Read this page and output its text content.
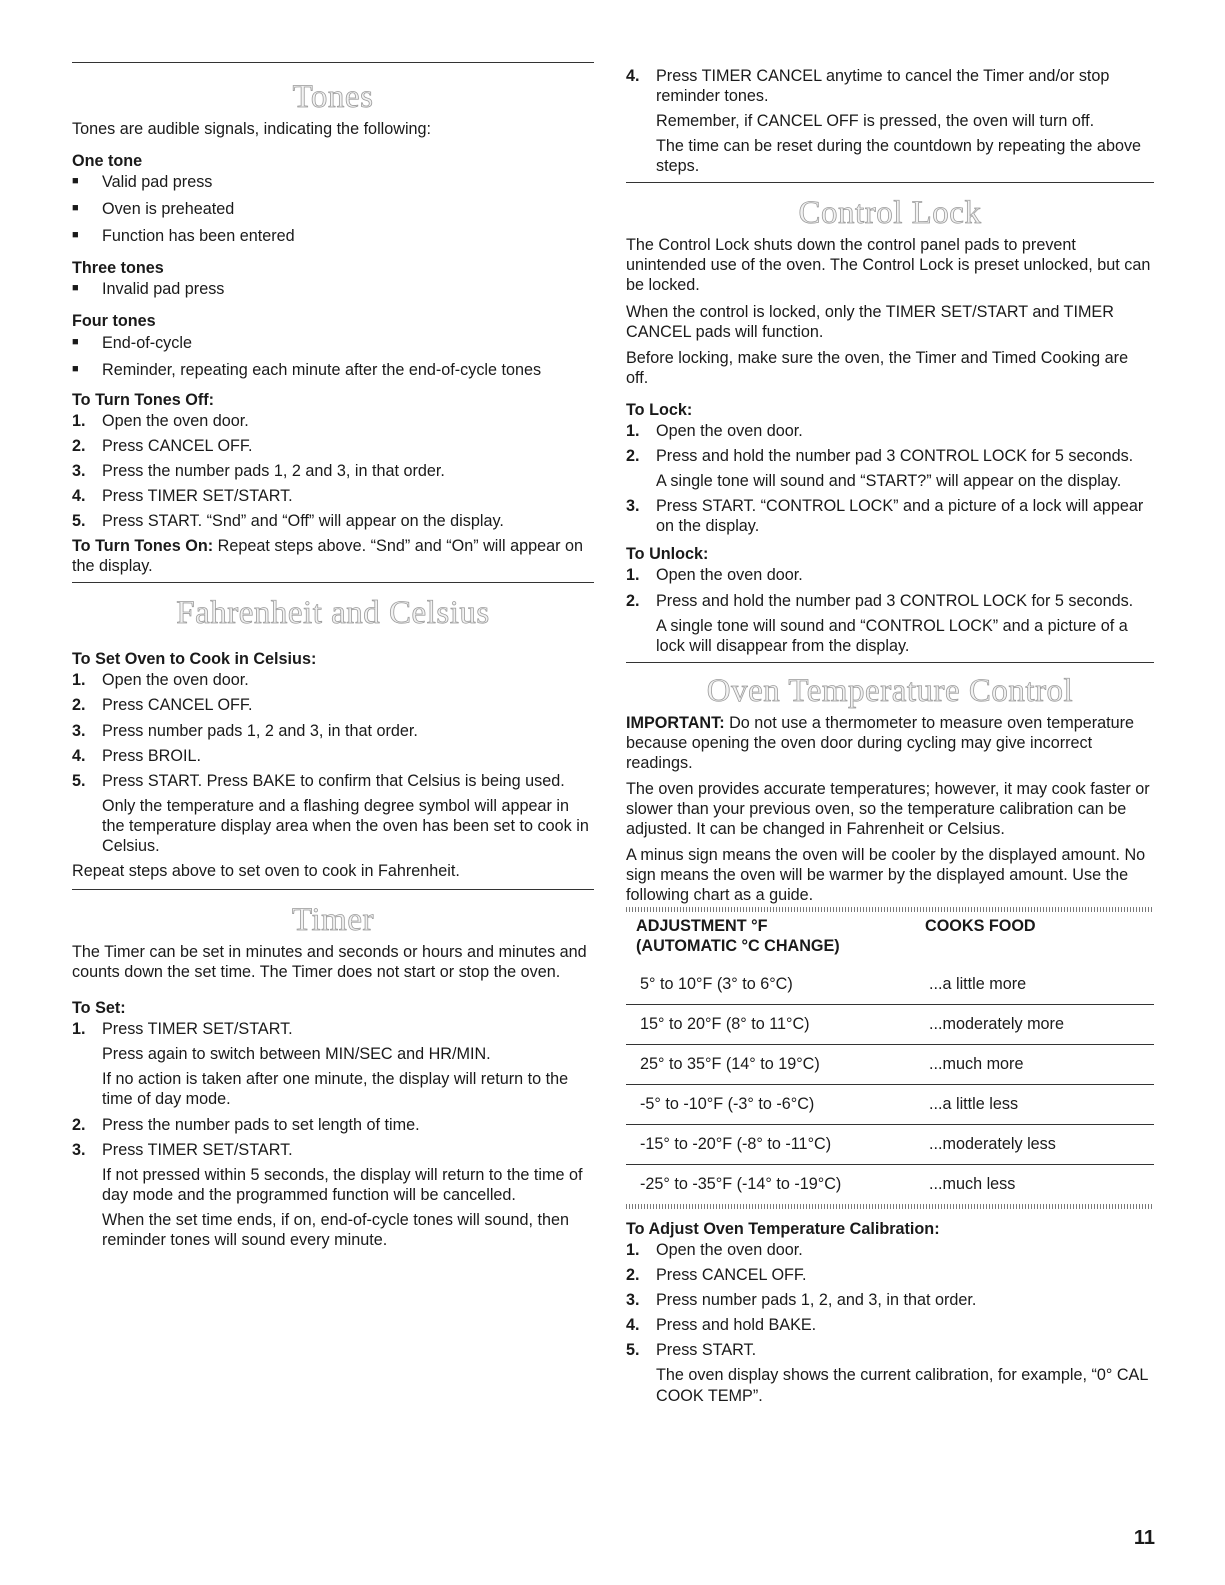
Tones

Tones are audible signals, indicating the following:

One tone
■ Valid pad press
■ Oven is preheated
■ Function has been entered
Three tones
■ Invalid pad press
Four tones
■ End-of-cycle
■ Reminder, repeating each minute after the end-of-cycle tones
To Turn Tones Off:
1. Open the oven door.
2. Press CANCEL OFF.
3. Press the number pads 1, 2 and 3, in that order.
4. Press TIMER SET/START.
5. Press START. “Snd” and “Off” will appear on the display.

To Turn Tones On: Repeat steps above. “Snd” and “On” will appear on the display.

Fahrenheit and Celsius
To Set Oven to Cook in Celsius:
1. Open the oven door.
2. Press CANCEL OFF.
3. Press number pads 1, 2 and 3, in that order.
4. Press BROIL.
5. Press START. Press BAKE to confirm that Celsius is being used.

Only the temperature and a flashing degree symbol will appear in the temperature display area when the oven has been set to cook in Celsius.

Repeat steps above to set oven to cook in Fahrenheit.

Timer

The Timer can be set in minutes and seconds or hours and minutes and counts down the set time. The Timer does not start or stop the oven.

To Set:
1. Press TIMER SET/START.

Press again to switch between MIN/SEC and HR/MIN.

If no action is taken after one minute, the display will return to the time of day mode.

2. Press the number pads to set length of time.
3. Press TIMER SET/START.

If not pressed within 5 seconds, the display will return to the time of day mode and the programmed function will be cancelled.

When the set time ends, if on, end-of-cycle tones will sound, then reminder tones will sound every minute.

4. Press TIMER CANCEL anytime to cancel the Timer and/or stop reminder tones.

Remember, if CANCEL OFF is pressed, the oven will turn off.

The time can be reset during the countdown by repeating the above steps.

Control Lock

The Control Lock shuts down the control panel pads to prevent unintended use of the oven. The Control Lock is preset unlocked, but can be locked.

When the control is locked, only the TIMER SET/START and TIMER CANCEL pads will function.

Before locking, make sure the oven, the Timer and Timed Cooking are off.

To Lock:
1. Open the oven door.
2. Press and hold the number pad 3 CONTROL LOCK for 5 seconds.

A single tone will sound and “START?” will appear on the display.

3. Press START. “CONTROL LOCK” and a picture of a lock will appear on the display.
To Unlock:
1. Open the oven door.
2. Press and hold the number pad 3 CONTROL LOCK for 5 seconds.

A single tone will sound and “CONTROL LOCK” and a picture of a lock will disappear from the display.

Oven Temperature Control

IMPORTANT: Do not use a thermometer to measure oven temperature because opening the oven door during cycling may give incorrect readings.

The oven provides accurate temperatures; however, it may cook faster or slower than your previous oven, so the temperature calibration can be adjusted. It can be changed in Fahrenheit or Celsius.

A minus sign means the oven will be cooler by the displayed amount. No sign means the oven will be warmer by the displayed amount. Use the following chart as a guide.

ADJUSTMENT °F
(AUTOMATIC °C CHANGE)	COOKS FOOD
5° to 10°F (3° to 6°C)	...a little more
15° to 20°F (8° to 11°C)	...moderately more
25° to 35°F (14° to 19°C)	...much more
-5° to -10°F (-3° to -6°C)	...a little less
-15° to -20°F (-8° to -11°C)	...moderately less
-25° to -35°F (-14° to -19°C)	...much less
To Adjust Oven Temperature Calibration:
1. Open the oven door.
2. Press CANCEL OFF.
3. Press number pads 1, 2, and 3, in that order.
4. Press and hold BAKE.
5. Press START.

The oven display shows the current calibration, for example, “0° CAL COOK TEMP”.

11
